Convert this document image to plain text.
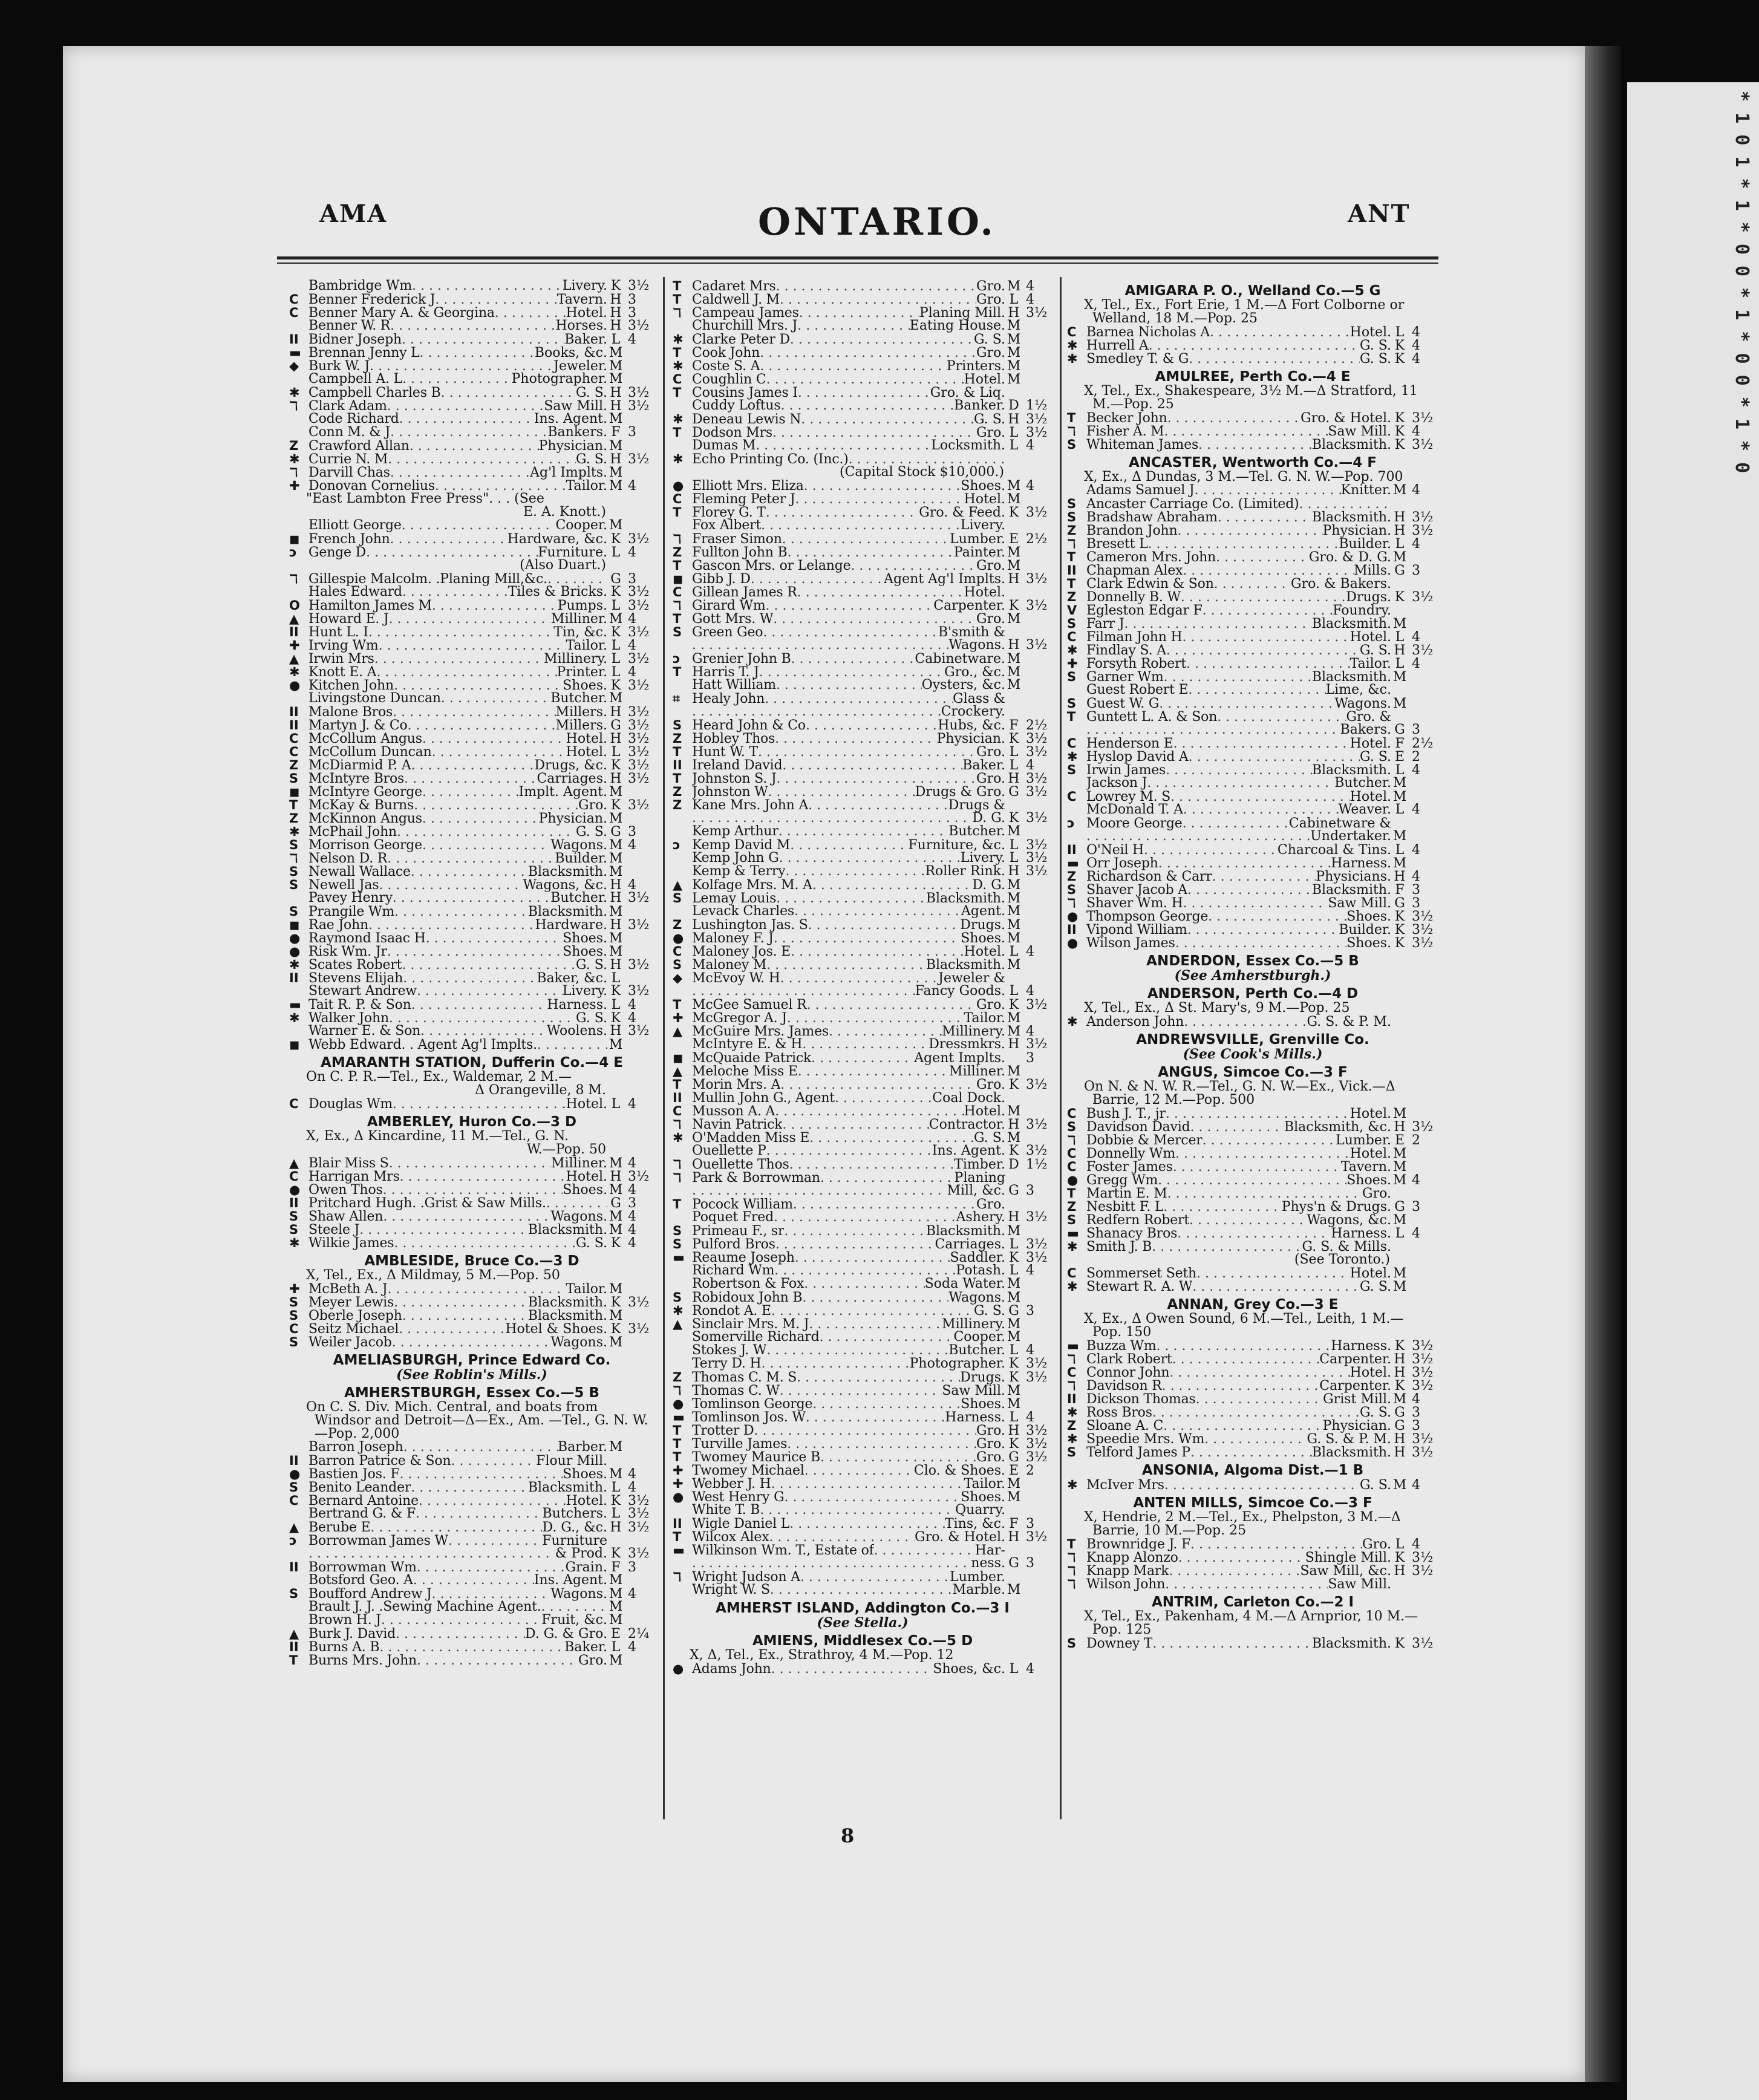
* 1 0 1 * 1 * 0 0 * 1 * 0 0 * 1 * 0
AMA	ONTARIO.	ANT
Bambridge Wm . . .	Livery. K 3½
C Benner Frederick J . . .	Tavern. H 3
C Benner Mary A. & Georgina . . .	Hotel. H 3
Benner W. R . . .	Horses. H 3½
II Bidner Joseph . . .	Baker. L 4
▬ Brennan Jenny L . . .	Books, &c. M
◆ Burk W. J . . .	Jeweler. M
Campbell A. L . . .	Photographer. M
✱ Campbell Charles B . . .	G. S. H 3½
ℸ Clark Adam . . .	Saw Mill. H 3½
Code Richard . . .	Ins. Agent. M
Conn M. & J . . .	Bankers. F 3
Z Crawford Allan . . .	Physician. M
✱ Currie N. M . . .	G. S. H 3½
ℸ Darvill Chas . . .	Ag'l Implts. M
✚ Donovan Cornelius . . .	Tailor. M 4
"East Lambton Free Press". . . (See
E. A. Knott.)
Elliott George . . .	Cooper. M
◼ French John . . .	Hardware, &c. K 3½
ↄ Genge D . . .	Furniture. L 4
(Also Duart.)
ℸ Gillespie Malcolm. .Planing Mill,&c. . . .	G 3
Hales Edward . . .	Tiles & Bricks. K 3½
O Hamilton James M . . .	Pumps. L 3½
▲ Howard E. J . . .	Milliner. M 4
II Hunt L. I . . .	Tin, &c. K 3½
✚ Irving Wm . . .	Tailor. L 4
▲ Irwin Mrs . . .	Millinery. L 3½
✱ Knott E. A . . .	Printer. L 4
● Kitchen John . . .	Shoes. K 3½
Livingstone Duncan . . .	Butcher. M
II Malone Bros . . .	Millers. H 3½
II Martyn J. & Co . . .	Millers. G 3½
C McCollum Angus . . .	Hotel. H 3½
C McCollum Duncan . . .	Hotel. L 3½
Z McDiarmid P. A . . .	Drugs, &c. K 3½
S McIntyre Bros . . .	Carriages. H 3½
◼ McIntyre George . . .	Implt. Agent. M
T McKay & Burns . . .	Gro. K 3½
Z McKinnon Angus . . .	Physician. M
✱ McPhail John . . .	G. S. G 3
S Morrison George . . .	Wagons. M 4
ℸ Nelson D. R . . .	Builder. M
S Newall Wallace . . .	Blacksmith. M
S Newell Jas . . .	Wagons, &c. H 4
Pavey Henry . . .	Butcher. H 3½
S Prangile Wm . . .	Blacksmith. M
◼ Rae John . . .	Hardware. H 3½
● Raymond Isaac H . . .	Shoes. M
● Risk Wm. Jr . . .	Shoes. M
✱ Scates Robert . . .	G. S. H 3½
II Stevens Elijah . . .	Baker, &c. L
Stewart Andrew . . .	Livery. K 3½
▬ Tait R. P. & Son . . .	Harness. L 4
✱ Walker John . . .	G. S. K 4
Warner E. & Son . . .	Woolens. H 3½
◼ Webb Edward. . Agent Ag'l Implts. . . .	M
AMARANTH STATION, Dufferin Co.—4 E
On C. P. R.—Tel., Ex., Waldemar, 2 M.—
Δ Orangeville, 8 M.
C Douglas Wm . . .	Hotel. L 4
AMBERLEY, Huron Co.—3 D
X, Ex., Δ Kincardine, 11 M.—Tel., G. N.
W.—Pop. 50
▲ Blair Miss S . . .	Milliner. M 4
C Harrigan Mrs . . .	Hotel. H 3½
● Owen Thos . . .	Shoes. M 4
II Pritchard Hugh. .Grist & Saw Mills. . . .	G 3
S Shaw Allen . . .	Wagons. M 4
S Steele J . . .	Blacksmith. M 4
✱ Wilkie James . . .	G. S. K 4
AMBLESIDE, Bruce Co.—3 D
X, Tel., Ex., Δ Mildmay, 5 M.—Pop. 50
✚ McBeth A. J . . .	Tailor. M
S Meyer Lewis . . .	Blacksmith. K 3½
S Oberle Joseph . . .	Blacksmith. M
C Seitz Michael . . .	Hotel & Shoes. K 3½
S Weiler Jacob . . .	Wagons. M
AMELIASBURGH, Prince Edward Co.
(See Roblin's Mills.)
AMHERSTBURGH, Essex Co.—5 B
On C. S. Div. Mich. Central, and boats from Windsor and Detroit—Δ—Ex., Am. —Tel., G. N. W.—Pop. 2,000
Barron Joseph . . .	Barber. M
II Barron Patrice & Son . . .	Flour Mill.
● Bastien Jos. F . . .	Shoes. M 4
S Benito Leander . . .	Blacksmith. L 4
C Bernard Antoine . . .	Hotel. K 3½
Bertrand G. & F . . .	Butchers. L 3½
▲ Berube E . . .	D. G., &c. H 3½
ↄ Borrowman James W . . .	Furniture
. . .
& Prod. K 3½
II Borrowman Wm . . .	Grain. F 3
Botsford Geo. A . . .	Ins. Agent. M
S Boufford Andrew J . . .	Wagons. M 4
Brault J. J. .Sewing Machine Agent. . . .	M
Brown H. J . . .	Fruit, &c. M
▲ Burk J. David . . .	D. G. & Gro. E 2¼
II Burns A. B . . .	Baker. L 4
T Burns Mrs. John . . .	Gro. M
T Cadaret Mrs . . .	Gro. M 4
T Caldwell J. M . . .	Gro. L 4
ℸ Campeau James . . .	Planing Mill. H 3½
Churchill Mrs. J . . .	Eating House. M
✱ Clarke Peter D . . .	G. S. M
T Cook John . . .	Gro. M
✱ Coste S. A . . .	Printers. M
C Coughlin C . . .	Hotel. M
T Cousins James I . . .	Gro. & Liq.
Cuddy Loftus . . .	Banker. D 1½
✱ Deneau Lewis N . . .	G. S. H 3½
T Dodson Mrs . . .	Gro. L 3½
Dumas M . . .	Locksmith. L 4
✱ Echo Printing Co. (Inc.)
. . .
(Capital Stock $10,000.)
● Elliott Mrs. Eliza . . .	Shoes. M 4
C Fleming Peter J . . .	Hotel. M
T Florey G. T . . .	Gro. & Feed. K 3½
Fox Albert . . .	Livery.
ℸ Fraser Simon . . .	Lumber. E 2½
Z Fullton John B . . .	Painter. M
T Gascon Mrs. or Lelange . . .	Gro. M
◼ Gibb J. D . . .	Agent Ag'l Implts. H 3½
C Gillean James R . . .	Hotel.
ℸ Girard Wm . . .	Carpenter. K 3½
T Gott Mrs. W . . .	Gro. M
S Green Geo . . .	B'smith &
. . .
Wagons. H 3½
ↄ Grenier John B . . .	Cabinetware. M
T Harris T. J . . .	Gro., &c. M
Hatt William . . .	Oysters, &c. M
⌗ Healy John . . .	Glass &
. . .
Crockery.
S Heard John & Co . . .	Hubs, &c. F 2½
Z Hobley Thos . . .	Physician. K 3½
T Hunt W. T . . .	Gro. L 3½
II Ireland David . . .	Baker. L 4
T Johnston S. J . . .	Gro. H 3½
Z Johnston W . . .	Drugs & Gro. G 3½
Z Kane Mrs. John A . . .	Drugs &
. . .
D. G. K 3½
Kemp Arthur . . .	Butcher. M
ↄ Kemp David M . . .	Furniture, &c. L 3½
Kemp John G . . .	Livery. L 3½
Kemp & Terry . . .	Roller Rink. H 3½
▲ Kolfage Mrs. M. A . . .	D. G. M
S Lemay Louis . . .	Blacksmith. M
Levack Charles . . .	Agent. M
Z Lushington Jas. S . . .	Drugs. M
● Maloney F. J . . .	Shoes. M
C Maloney Jos. E . . .	Hotel. L 4
S Maloney M . . .	Blacksmith. M
◆ McEvoy W. H . . .	Jeweler &
. . .
Fancy Goods. L 4
T McGee Samuel R . . .	Gro. K 3½
✚ McGregor A. J . . .	Tailor. M
▲ McGuire Mrs. James . . .	Millinery. M 4
McIntyre E. & H . . .	Dressmkrs. H 3½
◼ McQuaide Patrick . . .	Agent Implts. 3
▲ Meloche Miss E . . .	Milliner. M
T Morin Mrs. A . . .	Gro. K 3½
II Mullin John G., Agent . . .	Coal Dock.
C Musson A. A . . .	Hotel. M
ℸ Navin Patrick . . .	Contractor. H 3½
✱ O'Madden Miss E . . .	G. S. M
Ouellette P . . .	Ins. Agent. K 3½
ℸ Ouellette Thos . . .	Timber. D 1½
ℸ Park & Borrowman . . .	Planing
. . .
Mill, &c. G 3
T Pocock William . . .	Gro.
Poquet Fred . . .	Ashery. H 3½
S Primeau F., sr . . .	Blacksmith. M
S Pulford Bros . . .	Carriages. L 3½
▬ Reaume Joseph . . .	Saddler. K 3½
Richard Wm . . .	Potash. L 4
Robertson & Fox . . .	Soda Water. M
S Robidoux John B . . .	Wagons. M
✱ Rondot A. E . . .	G. S. G 3
▲ Sinclair Mrs. M. J . . .	Millinery. M
Somerville Richard . . .	Cooper. M
Stokes J. W . . .	Butcher. L 4
Terry D. H . . .	Photographer. K 3½
Z Thomas C. M. S . . .	Drugs. K 3½
ℸ Thomas C. W . . .	Saw Mill. M
● Tomlinson George . . .	Shoes. M
▬ Tomlinson Jos. W . . .	Harness. L 4
T Trotter D . . .	Gro. H 3½
T Turville James . . .	Gro. K 3½
T Twomey Maurice B . . .	Gro. G 3½
✚ Twomey Michael . . .	Clo. & Shoes. E 2
✚ Webber J. H . . .	Tailor. M
● West Henry G . . .	Shoes. M
White T. B . . .	Quarry.
II Wigle Daniel L . . .	Tins, &c. F 3
T Wilcox Alex . . .	Gro. & Hotel. H 3½
▬ Wilkinson Wm. T., Estate of . . .	Har-
. . .
ness. G 3
ℸ Wright Judson A . . .	Lumber.
Wright W. S . . .	Marble. M
AMHERST ISLAND, Addington Co.—3 I
(See Stella.)
AMIENS, Middlesex Co.—5 D
X, Δ, Tel., Ex., Strathroy, 4 M.—Pop. 12
● Adams John . . .	Shoes, &c. L 4
AMIGARA P. O., Welland Co.—5 G
X, Tel., Ex., Fort Erie, 1 M.—Δ Fort Colborne or Welland, 18 M.—Pop. 25
C Barnea Nicholas A . . .	Hotel. L 4
✱ Hurrell A . . .	G. S. K 4
✱ Smedley T. & G . . .	G. S. K 4
AMULREE, Perth Co.—4 E
X, Tel., Ex., Shakespeare, 3½ M.—Δ Stratford, 11 M.—Pop. 25
T Becker John . . .	Gro. & Hotel. K 3½
ℸ Fisher A. M . . .	Saw Mill. K 4
S Whiteman James . . .	Blacksmith. K 3½
ANCASTER, Wentworth Co.—4 F
X, Ex., Δ Dundas, 3 M.—Tel. G. N. W.—Pop. 700
Adams Samuel J . . .	Knitter. M 4
S Ancaster Carriage Co. (Limited)
. . .
S Bradshaw Abraham . . .	Blacksmith. H 3½
Z Brandon John . . .	Physician. H 3½
ℸ Bresett L . . .	Builder. L 4
T Cameron Mrs. John . . .	Gro. & D. G. M
II Chapman Alex . . .	Mills. G 3
T Clark Edwin & Son . . .	Gro. & Bakers.
Z Donnelly B. W . . .	Drugs. K 3½
V Egleston Edgar F . . .	Foundry.
S Farr J . . .	Blacksmith. M
C Filman John H . . .	Hotel. L 4
✱ Findlay S. A . . .	G. S. H 3½
✚ Forsyth Robert . . .	Tailor. L 4
S Garner Wm . . .	Blacksmith. M
Guest Robert E . . .	Lime, &c.
S Guest W. G . . .	Wagons. M
T Guntett L. A. & Son . . .	Gro. &
. . .
Bakers. G 3
C Henderson E . . .	Hotel. F 2½
✱ Hyslop David A . . .	G. S. E 2
S Irwin James . . .	Blacksmith. L 4
Jackson J . . .	Butcher. M
C Lowrey M. S . . .	Hotel. M
McDonald T. A . . .	Weaver. L 4
ↄ Moore George . . .	Cabinetware &
. . .
Undertaker. M
II O'Neil H . . .	Charcoal & Tins. L 4
▬ Orr Joseph . . .	Harness. M
Z Richardson & Carr . . .	Physicians. H 4
S Shaver Jacob A . . .	Blacksmith. F 3
ℸ Shaver Wm. H . . .	Saw Mill. G 3
● Thompson George . . .	Shoes. K 3½
II Vipond William . . .	Builder. K 3½
● Wilson James . . .	Shoes. K 3½
ANDERDON, Essex Co.—5 B
(See Amherstburgh.)
ANDERSON, Perth Co.—4 D
X, Tel., Ex., Δ St. Mary's, 9 M.—Pop. 25
✱ Anderson John . . .	G. S. & P. M.
ANDREWSVILLE, Grenville Co.
(See Cook's Mills.)
ANGUS, Simcoe Co.—3 F
On N. & N. W. R.—Tel., G. N. W.—Ex., Vick.—Δ Barrie, 12 M.—Pop. 500
C Bush J. T., jr . . .	Hotel. M
S Davidson David . . .	Blacksmith, &c. H 3½
ℸ Dobbie & Mercer . . .	Lumber. E 2
C Donnelly Wm . . .	Hotel. M
C Foster James . . .	Tavern. M
● Gregg Wm . . .	Shoes. M 4
T Martin E. M . . .	Gro.
Z Nesbitt F. L . . .	Phys'n & Drugs. G 3
S Redfern Robert . . .	Wagons, &c. M
▬ Shanacy Bros . . .	Harness. L 4
✱ Smith J. B . . .	G. S. & Mills.
(See Toronto.)
C Sommerset Seth . . .	Hotel. M
✱ Stewart R. A. W . . .	G. S. M
ANNAN, Grey Co.—3 E
X, Ex., Δ Owen Sound, 6 M.—Tel., Leith, 1 M.—Pop. 150
▬ Buzza Wm . . .	Harness. K 3½
ℸ Clark Robert . . .	Carpenter. H 3½
C Connor John . . .	Hotel. H 3½
ℸ Davidson R . . .	Carpenter. K 3½
II Dickson Thomas . . .	Grist Mill. M 4
✱ Ross Bros . . .	G. S. G 3
Z Sloane A. C . . .	Physician. G 3
✱ Speedie Mrs. Wm . . .	G. S. & P. M. H 3½
S Telford James P . . .	Blacksmith. H 3½
ANSONIA, Algoma Dist.—1 B
✱ McIver Mrs . . .	G. S. M 4
ANTEN MILLS, Simcoe Co.—3 F
X, Hendrie, 2 M.—Tel., Ex., Phelpston, 3 M.—Δ Barrie, 10 M.—Pop. 25
T Brownridge J. F . . .	Gro. L 4
ℸ Knapp Alonzo . . .	Shingle Mill. K 3½
ℸ Knapp Mark . . .	Saw Mill, &c. H 3½
ℸ Wilson John . . .	Saw Mill.
ANTRIM, Carleton Co.—2 I
X, Tel., Ex., Pakenham, 4 M.—Δ Arnprior, 10 M.—Pop. 125
S Downey T . . .	Blacksmith. K 3½
8
